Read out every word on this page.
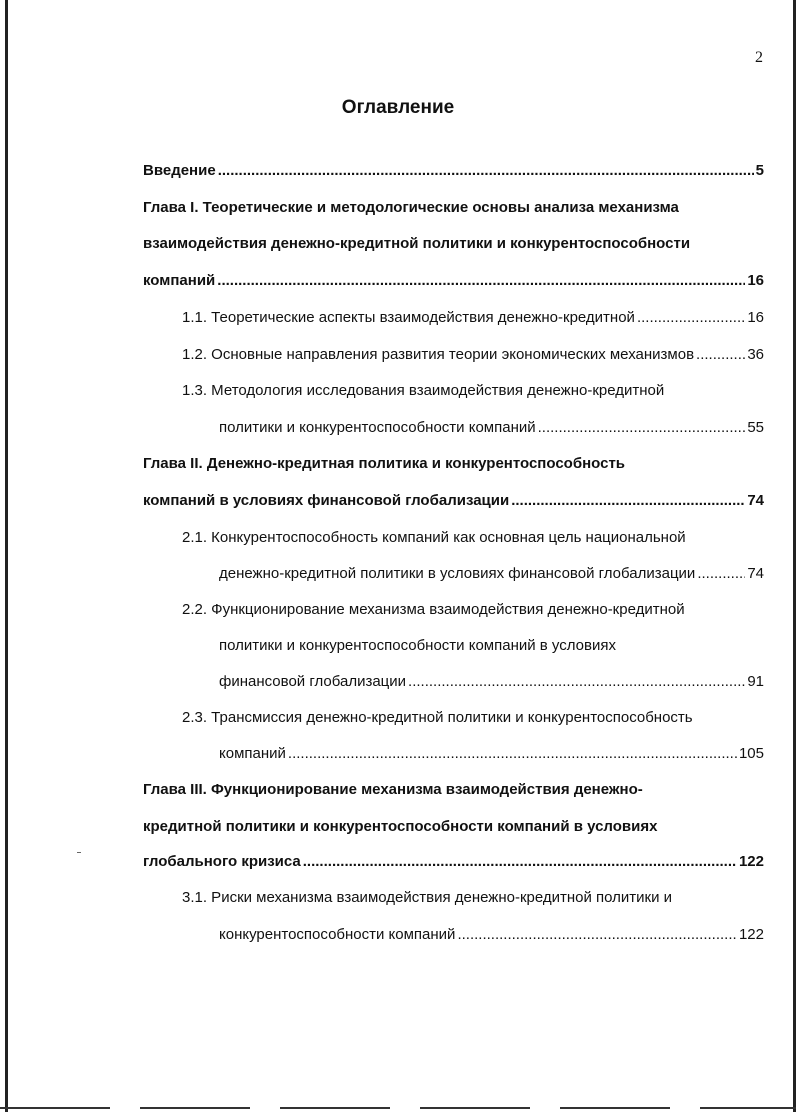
2
Оглавление
Введение .....	5
Глава I. Теоретические и методологические основы анализа механизма
взаимодействия денежно-кредитной политики и конкурентоспособности
компаний .....	16
1.1. Теоретические аспекты взаимодействия денежно-кредитной .....	16
1.2. Основные направления развития теории экономических механизмов .....	36
1.3. Методология исследования взаимодействия денежно-кредитной
политики и конкурентоспособности компаний .....	55
Глава II. Денежно-кредитная политика и конкурентоспособность
компаний в условиях финансовой глобализации .....	74
2.1. Конкурентоспособность компаний как основная цель национальной
денежно-кредитной политики в условиях финансовой глобализации .....	74
2.2. Функционирование механизма взаимодействия денежно-кредитной
политики и конкурентоспособности компаний в условиях
финансовой глобализации .....	91
2.3. Трансмиссия денежно-кредитной политики и конкурентоспособность
компаний .....	105
Глава III. Функционирование механизма взаимодействия денежно-
кредитной политики и конкурентоспособности компаний в условиях
глобального кризиса .....	122
3.1. Риски механизма взаимодействия денежно-кредитной политики и
конкурентоспособности компаний .....	122
